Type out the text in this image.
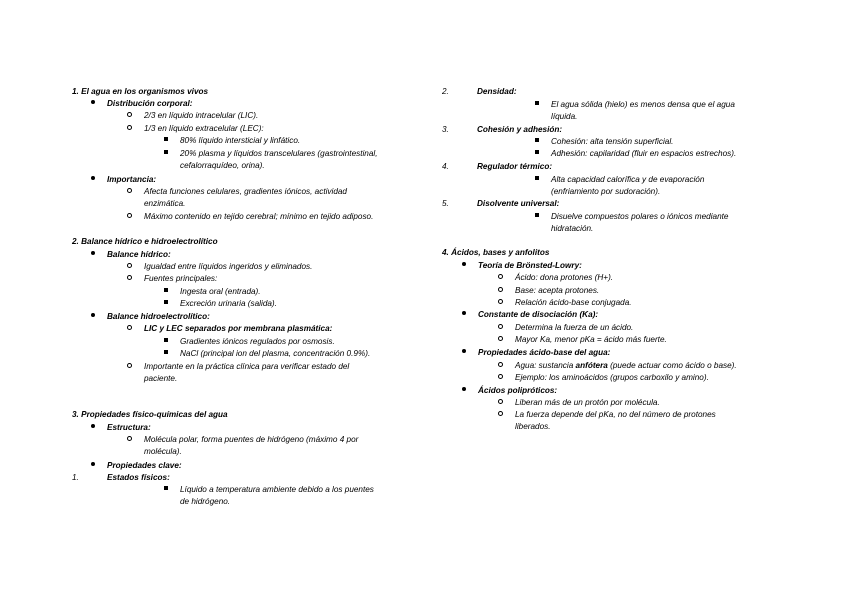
1. El agua en los organismos vivos
Distribución corporal:
2/3 en líquido intracelular (LIC).
1/3 en líquido extracelular (LEC):
80% líquido intersticial y linfático.
20% plasma y líquidos transcelulares (gastrointestinal,
cefalorraquídeo, orina).
Importancia:
Afecta funciones celulares, gradientes iónicos, actividad
enzimática.
Máximo contenido en tejido cerebral; mínimo en tejido adiposo.
2. Balance hídrico e hidroelectrolítico
Balance hídrico:
Igualdad entre líquidos ingeridos y eliminados.
Fuentes principales:
Ingesta oral (entrada).
Excreción urinaria (salida).
Balance hidroelectrolítico:
LIC y LEC separados por membrana plasmática:
Gradientes iónicos regulados por osmosis.
NaCl (principal ion del plasma, concentración 0.9%).
Importante en la práctica clínica para verificar estado del
paciente.
3. Propiedades físico-químicas del agua
Estructura:
Molécula polar, forma puentes de hidrógeno (máximo 4 por
molécula).
Propiedades clave:
1.	Estados físicos:
Líquido a temperatura ambiente debido a los puentes
de hidrógeno.
2.	Densidad:
El agua sólida (hielo) es menos densa que el agua
líquida.
3.	Cohesión y adhesión:
Cohesión: alta tensión superficial.
Adhesión: capilaridad (fluir en espacios estrechos).
4.	Regulador térmico:
Alta capacidad calorífica y de evaporación
(enfriamiento por sudoración).
5.	Disolvente universal:
Disuelve compuestos polares o iónicos mediante
hidratación.
4. Ácidos, bases y anfolitos
Teoría de Brönsted-Lowry:
Ácido: dona protones (H+).
Base: acepta protones.
Relación ácido-base conjugada.
Constante de disociación (Ka):
Determina la fuerza de un ácido.
Mayor Ka, menor pKa = ácido más fuerte.
Propiedades ácido-base del agua:
Agua: sustancia anfótera (puede actuar como ácido o base).
Ejemplo: los aminoácidos (grupos carboxilo y amino).
Ácidos polipróticos:
Liberan más de un protón por molécula.
La fuerza depende del pKa, no del número de protones
liberados.
